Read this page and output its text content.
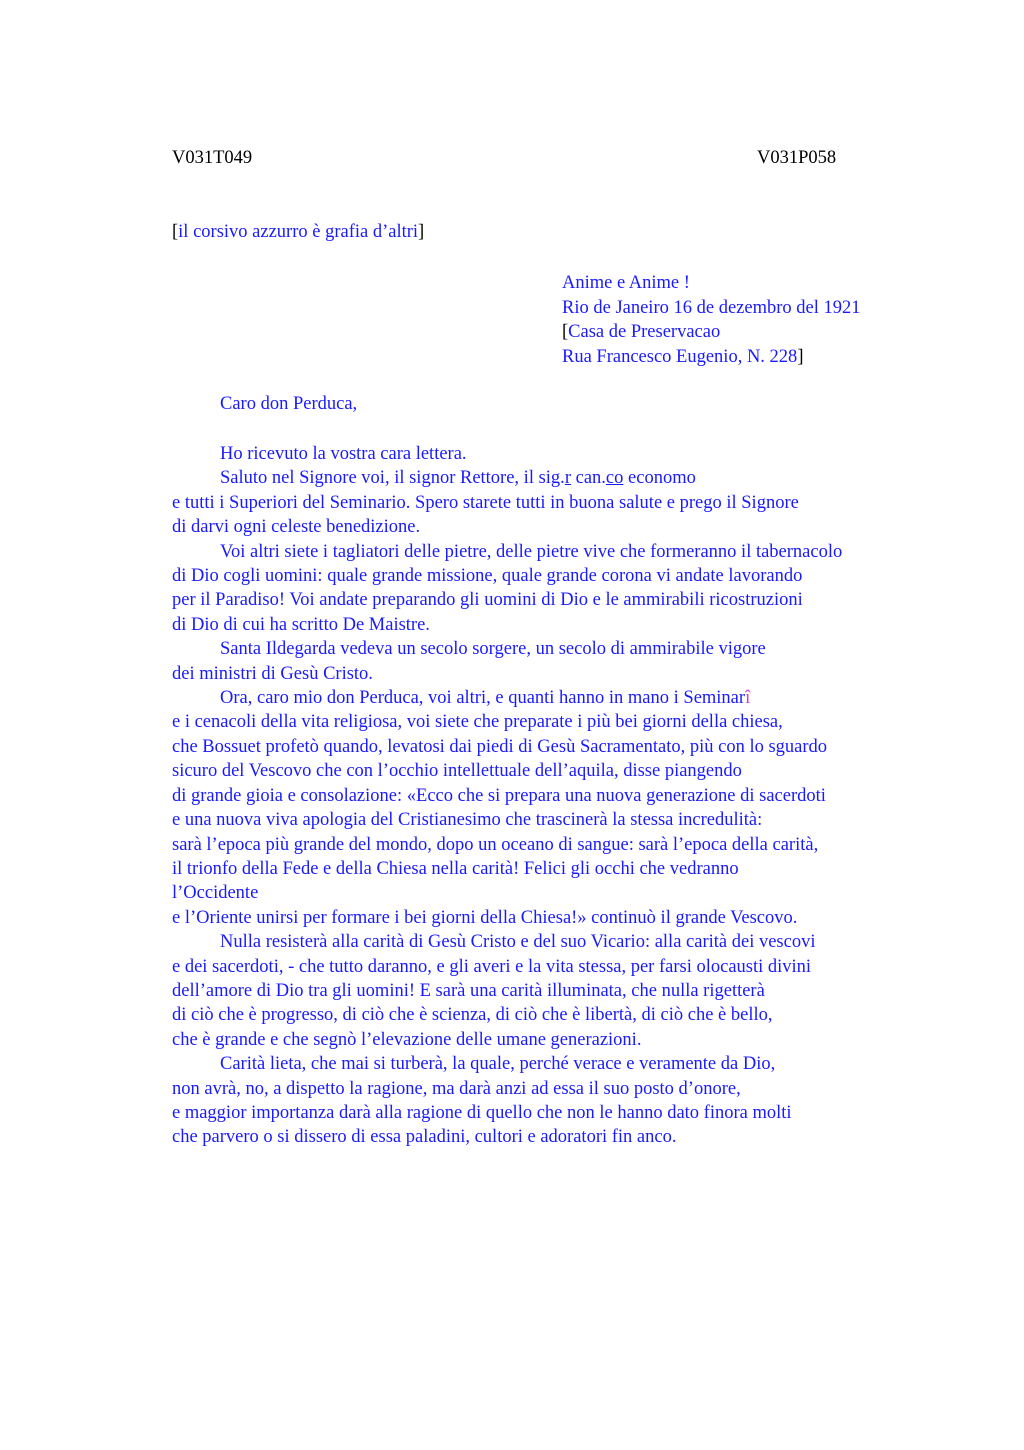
V031T049	V031P058
[il corsivo azzurro è grafia d’altri]
Anime e Anime !
Rio de Janeiro 16 de dezembro del 1921
[Casa de Preservacao
Rua Francesco Eugenio, N. 228]
Caro don Perduca,
Ho ricevuto la vostra cara lettera.
Saluto nel Signore voi, il signor Rettore, il sig.r can.co economo
e tutti i Superiori del Seminario. Spero starete tutti in buona salute e prego il Signore
di darvi ogni celeste benedizione.
Voi altri siete i tagliatori delle pietre, delle pietre vive che formeranno il tabernacolo
di Dio cogli uomini: quale grande missione, quale grande corona vi andate lavorando
per il Paradiso! Voi andate preparando gli uomini di Dio e le ammirabili ricostruzioni
di Dio di cui ha scritto De Maistre.
Santa Ildegarda vedeva un secolo sorgere, un secolo di ammirabile vigore
dei ministri di Gesù Cristo.
Ora, caro mio don Perduca, voi altri, e quanti hanno in mano i Seminarî
e i cenacoli della vita religiosa, voi siete che preparate i più bei giorni della chiesa,
che Bossuet profetò quando, levatosi dai piedi di Gesù Sacramentato, più con lo sguardo
sicuro del Vescovo che con l’occhio intellettuale dell’aquila, disse piangendo
di grande gioia e consolazione: «Ecco che si prepara una nuova generazione di sacerdoti
e una nuova viva apologia del Cristianesimo che trascinerà la stessa incredulità:
sarà l’epoca più grande del mondo, dopo un oceano di sangue: sarà l’epoca della carità,
il trionfo della Fede e della Chiesa nella carità! Felici gli occhi che vedranno
l’Occidente
e l’Oriente unirsi per formare i bei giorni della Chiesa!» continuò il grande Vescovo.
Nulla resisterà alla carità di Gesù Cristo e del suo Vicario: alla carità dei vescovi
e dei sacerdoti, - che tutto daranno, e gli averi e la vita stessa, per farsi olocausti divini
dell’amore di Dio tra gli uomini! E sarà una carità illuminata, che nulla rigetterà
di ciò che è progresso, di ciò che è scienza, di ciò che è libertà, di ciò che è bello,
che è grande e che segnò l’elevazione delle umane generazioni.
Carità lieta, che mai si turberà, la quale, perché verace e veramente da Dio,
non avrà, no, a dispetto la ragione, ma darà anzi ad essa il suo posto d’onore,
e maggior importanza darà alla ragione di quello che non le hanno dato finora molti
che parvero o si dissero di essa paladini, cultori e adoratori fin anco.
